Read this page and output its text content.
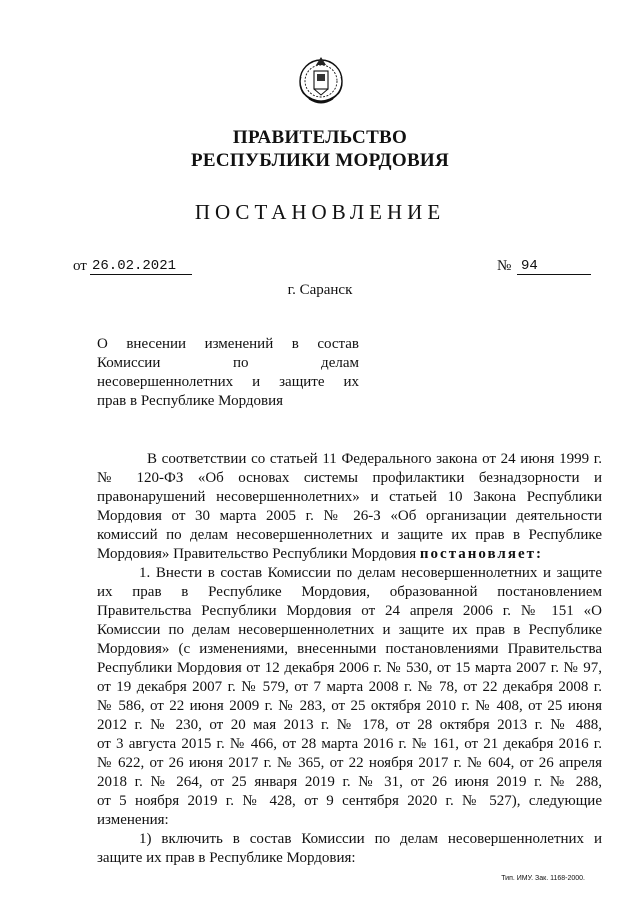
ПРАВИТЕЛЬСТВО
РЕСПУБЛИКИ МОРДОВИЯ
ПОСТАНОВЛЕНИЕ
от 26.02.2021	№ 94
г. Саранск
О внесении изменений в состав
Комиссии по делам
несовершеннолетних и защите их
прав в Республике Мордовия
В соответствии со статьей 11 Федерального закона от 24 июня 1999 г.
№ 120-ФЗ «Об основах системы профилактики безнадзорности и
правонарушений несовершеннолетних» и статьей 10 Закона Республики
Мордовия от 30 марта 2005 г. № 26-З «Об организации деятельности
комиссий по делам несовершеннолетних и защите их прав в Республике
Мордовия» Правительство Республики Мордовия постановляет:
1. Внести в состав Комиссии по делам несовершеннолетних и защите
их прав в Республике Мордовия, образованной постановлением
Правительства Республики Мордовия от 24 апреля 2006 г. № 151 «О
Комиссии по делам несовершеннолетних и защите их прав в Республике
Мордовия» (с изменениями, внесенными постановлениями Правительства
Республики Мордовия от 12 декабря 2006 г. № 530, от 15 марта 2007 г. № 97,
от 19 декабря 2007 г. № 579, от 7 марта 2008 г. № 78, от 22 декабря 2008 г.
№ 586, от 22 июня 2009 г. № 283, от 25 октября 2010 г. № 408, от 25 июня
2012 г. № 230, от 20 мая 2013 г. № 178, от 28 октября 2013 г. № 488,
от 3 августа 2015 г. № 466, от 28 марта 2016 г. № 161, от 21 декабря 2016 г.
№ 622, от 26 июня 2017 г. № 365, от 22 ноября 2017 г. № 604, от 26 апреля
2018 г. № 264, от 25 января 2019 г. № 31, от 26 июня 2019 г. № 288,
от 5 ноября 2019 г. № 428, от 9 сентября 2020 г. № 527), следующие
изменения:
1) включить в состав Комиссии по делам несовершеннолетних и
защите их прав в Республике Мордовия:
Тип. ИМУ. Зак. 1168-2000.
